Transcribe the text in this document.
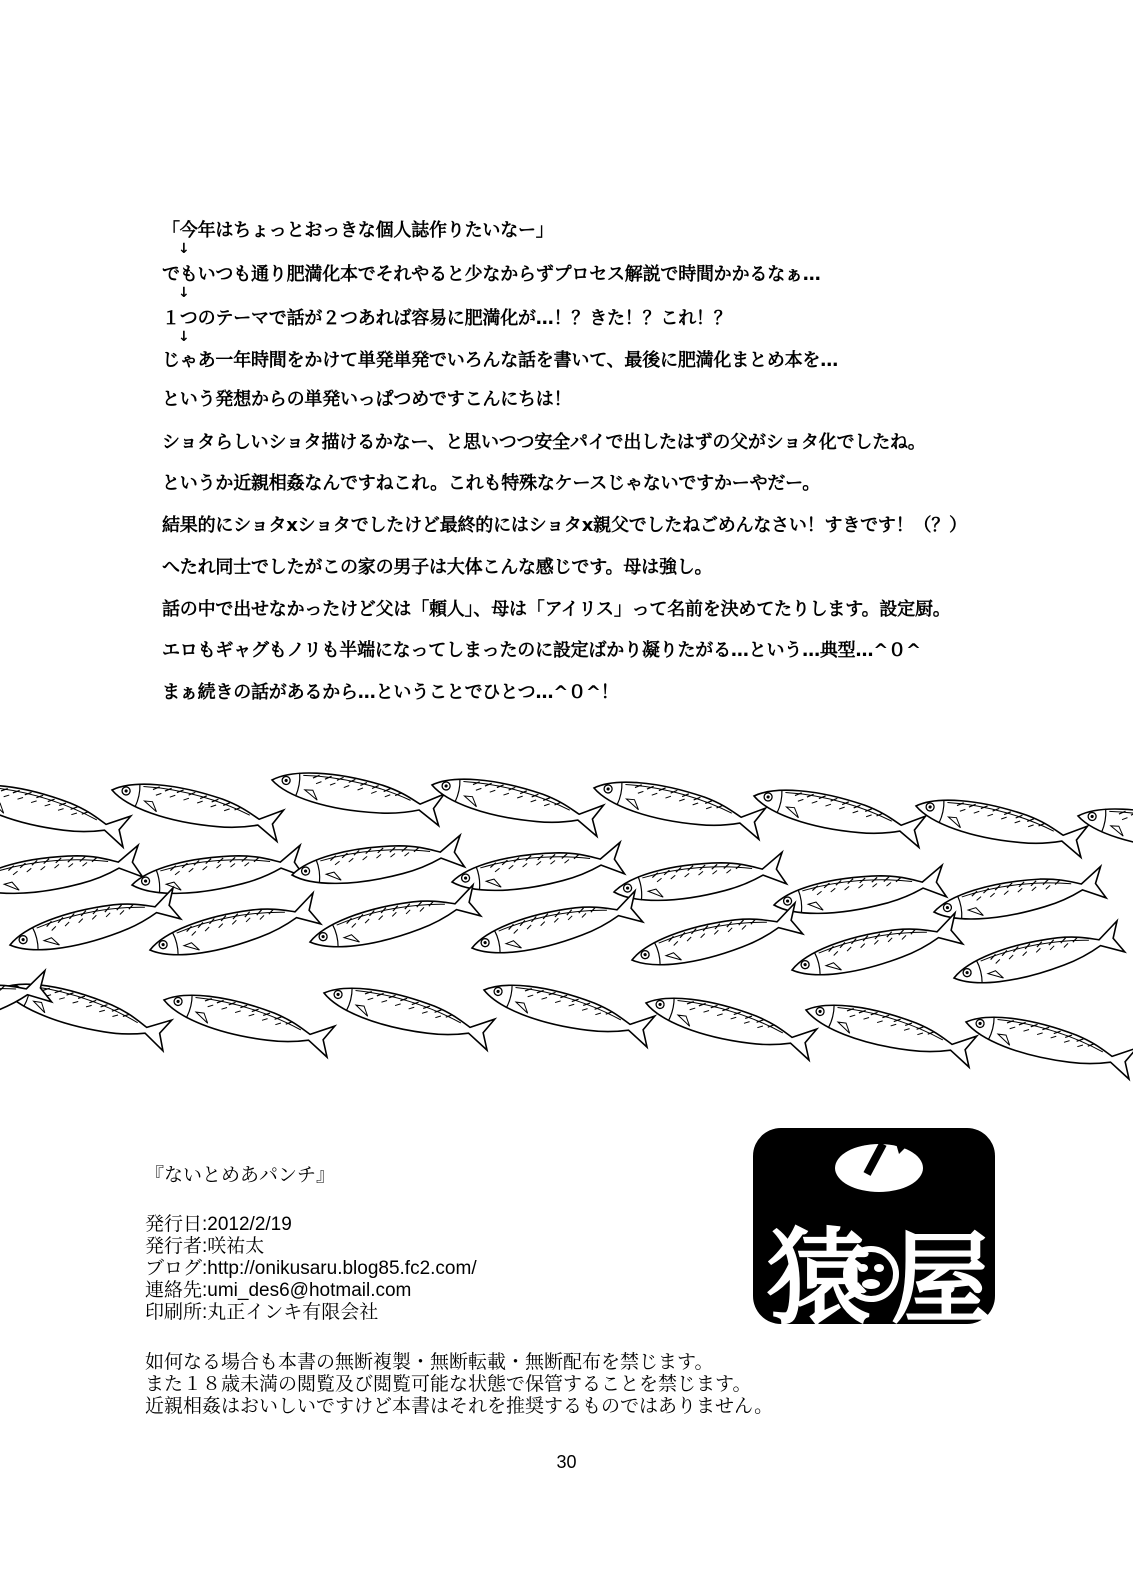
「今年はちょっとおっきな個人誌作りたいなー」
↓
でもいつも通り肥満化本でそれやると少なからずプロセス解説で時間かかるなぁ…
↓
１つのテーマで話が２つあれば容易に肥満化が…！？きた！？これ！？
↓
じゃあ一年時間をかけて単発単発でいろんな話を書いて、最後に肥満化まとめ本を…
という発想からの単発いっぱつめですこんにちは！
ショタらしいショタ描けるかなー、と思いつつ安全パイで出したはずの父がショタ化でしたね。
というか近親相姦なんですねこれ。これも特殊なケースじゃないですかーやだー。
結果的にショタxショタでしたけど最終的にはショタx親父でしたねごめんなさい！すきです！（？）
へたれ同士でしたがこの家の男子は大体こんな感じです。母は強し。
話の中で出せなかったけど父は「頼人」、母は「アイリス」って名前を決めてたりします。設定厨。
エロもギャグもノリも半端になってしまったのに設定ばかり凝りたがる…という…典型…^０^
まぁ続きの話があるから…ということでひとつ…^０^！
『ないとめあパンチ』
発行日:2012/2/19
発行者:咲祐太
ブログ:http://onikusaru.blog85.fc2.com/
連絡先:umi_des6@hotmail.com
印刷所:丸正インキ有限会社	猿 屋
如何なる場合も本書の無断複製・無断転載・無断配布を禁じます。
また１８歳未満の閲覧及び閲覧可能な状態で保管することを禁じます。
近親相姦はおいしいですけど本書はそれを推奨するものではありません。
30
